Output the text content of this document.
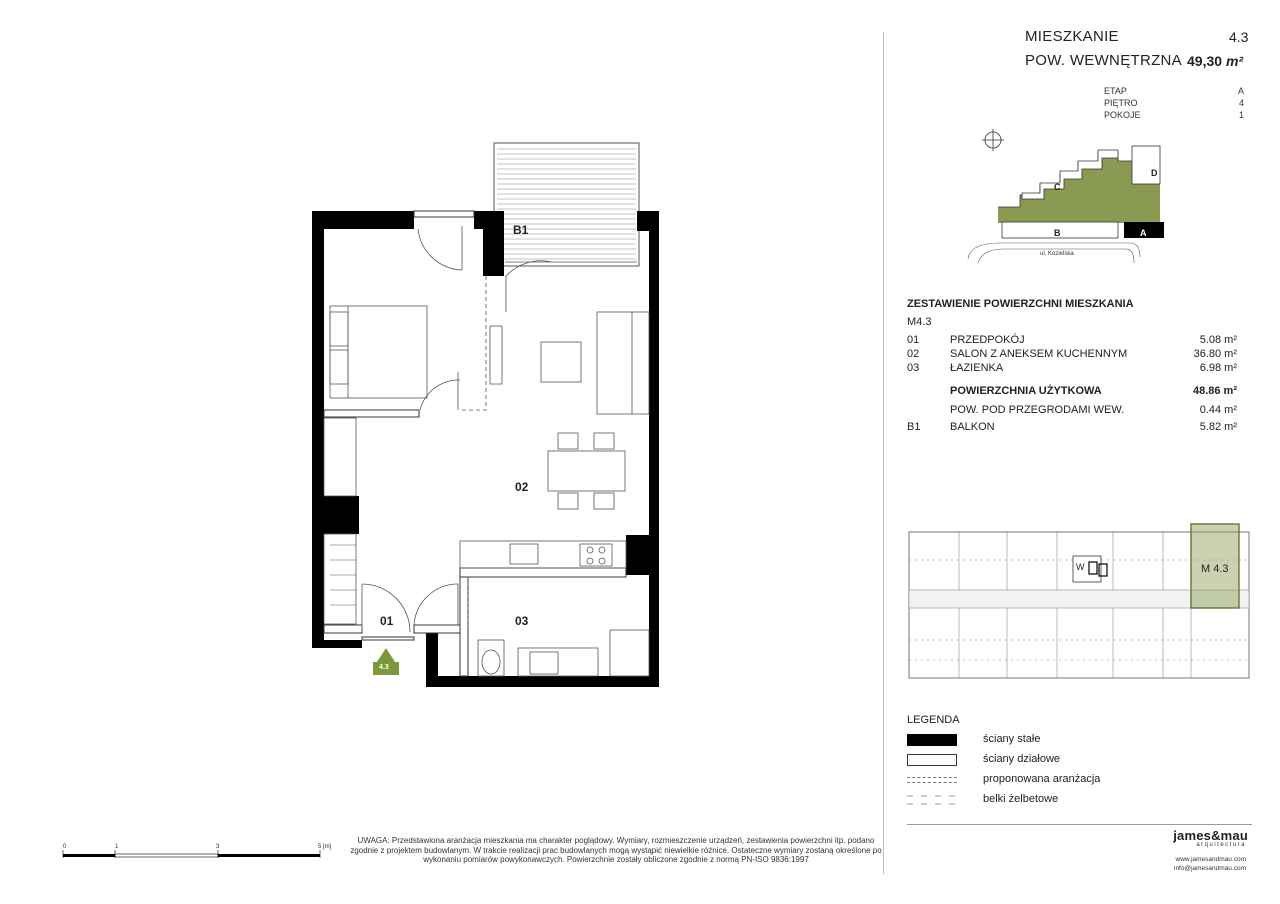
B1
02
01	03
4.3
0	1	3	5 [m]
UWAGA: Przedstawiona aranżacja mieszkania ma charakter poglądowy. Wymiary, rozmieszczenie urządzeń, zestawienia powierzchni itp. podano zgodnie z projektem budowlanym. W trakcie realizacji prac budowlanych mogą wystąpić niewielkie różnice. Ostateczne wymiary zostaną określone po wykonaniu pomiarów powykonawczych. Powierzchnie zostały obliczone zgodnie z normą PN-ISO 9836:1997
MIESZKANIE	4.3
POW. WEWNĘTRZNA 49,30 m²
ETAP	A
PIĘTRO	4
POKOJE	1
B	A
C
D
ul. Kozielska
ZESTAWIENIE POWIERZCHNI MIESZKANIA
M4.3
01	PRZEDPOKÓJ	5.08 m²
02	SALON Z ANEKSEM KUCHENNYM	36.80 m²
03	ŁAZIENKA	6.98 m²
POWIERZCHNIA UŻYTKOWA	48.86 m²
POW. POD PRZEGRODAMI WEW.	0.44 m²
B1	BALKON	5.82 m²
M 4.3
W
LEGENDA
ściany stałe
ściany działowe
proponowana aranżacja
belki żelbetowe
james&mau
arquitectura
www.jamesandmau.com
info@jamesandmau.com
